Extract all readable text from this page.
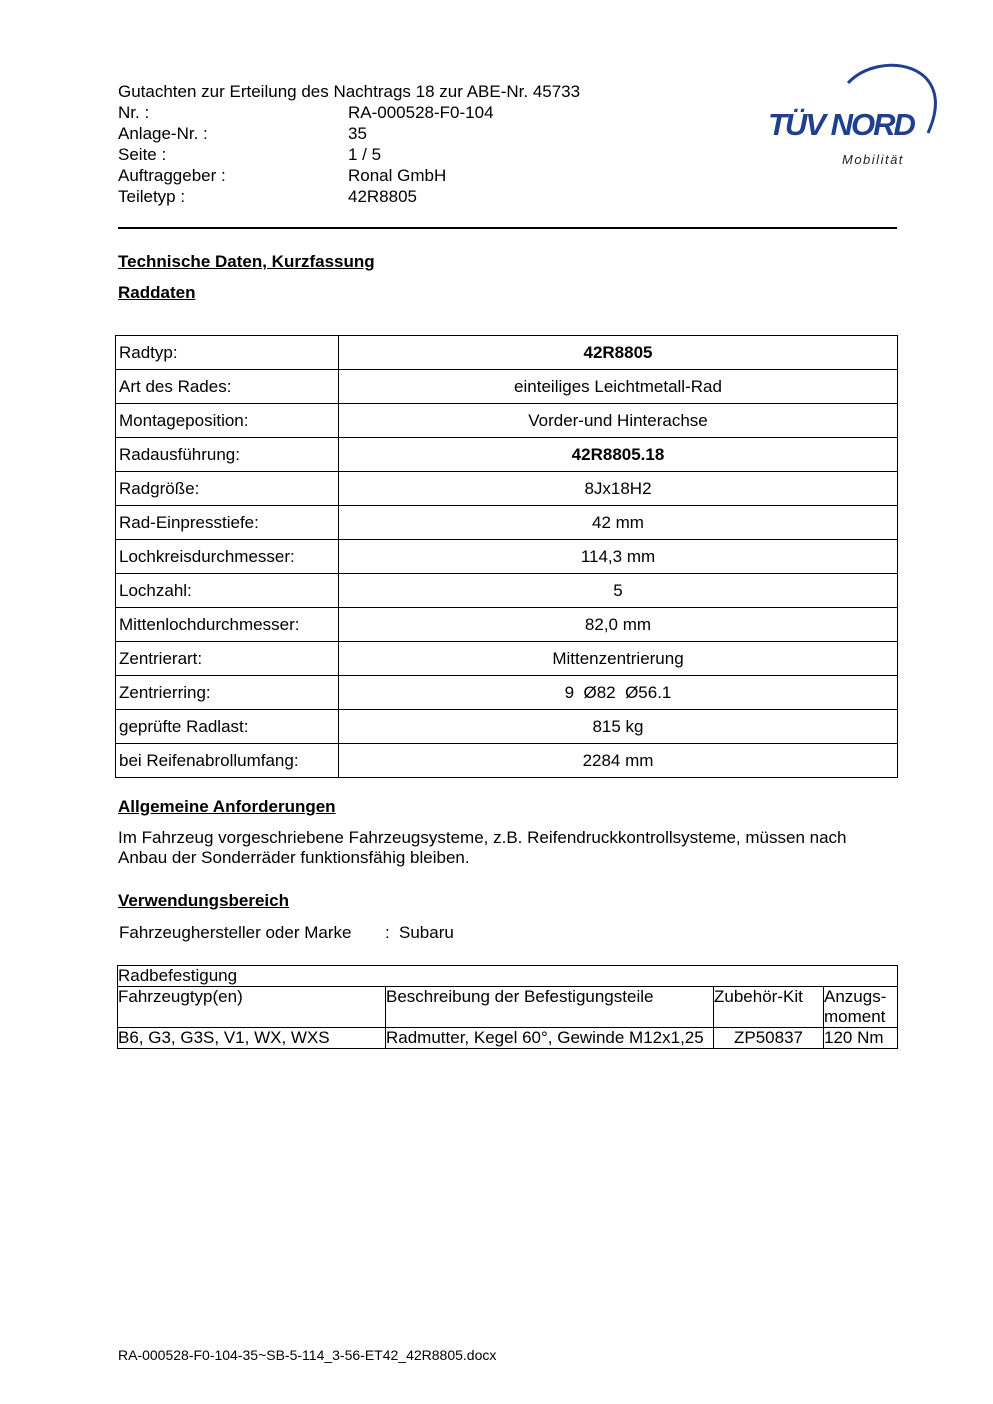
Gutachten zur Erteilung des Nachtrags 18 zur ABE-Nr. 45733
Nr. :	RA-000528-F0-104
Anlage-Nr. :	35
Seite :	1 / 5
Auftraggeber :	Ronal GmbH
Teiletyp :	42R8805
TÜV NORD
Mobilität
Technische Daten, Kurzfassung
Raddaten
Radtyp:	42R8805
Art des Rades:	einteiliges Leichtmetall-Rad
Montageposition:	Vorder-und Hinterachse
Radausführung:	42R8805.18
Radgröße:	8Jx18H2
Rad-Einpresstiefe:	42 mm
Lochkreisdurchmesser:	114,3 mm
Lochzahl:	5
Mittenlochdurchmesser:	82,0 mm
Zentrierart:	Mittenzentrierung
Zentrierring:	9  Ø82  Ø56.1
geprüfte Radlast:	815 kg
bei Reifenabrollumfang:	2284 mm
Allgemeine Anforderungen
Im Fahrzeug vorgeschriebene Fahrzeugsysteme, z.B. Reifendruckkontrollsysteme, müssen nach Anbau der Sonderräder funktionsfähig bleiben.
Verwendungsbereich
Fahrzeughersteller oder Marke	: Subaru
Radbefestigung			
Fahrzeugtyp(en)	Beschreibung der Befestigungsteile	Zubehör-Kit	Anzugs-moment
B6, G3, G3S, V1, WX, WXS	Radmutter, Kegel 60°, Gewinde M12x1,25	ZP50837	120 Nm
RA-000528-F0-104-35~SB-5-114_3-56-ET42_42R8805.docx
